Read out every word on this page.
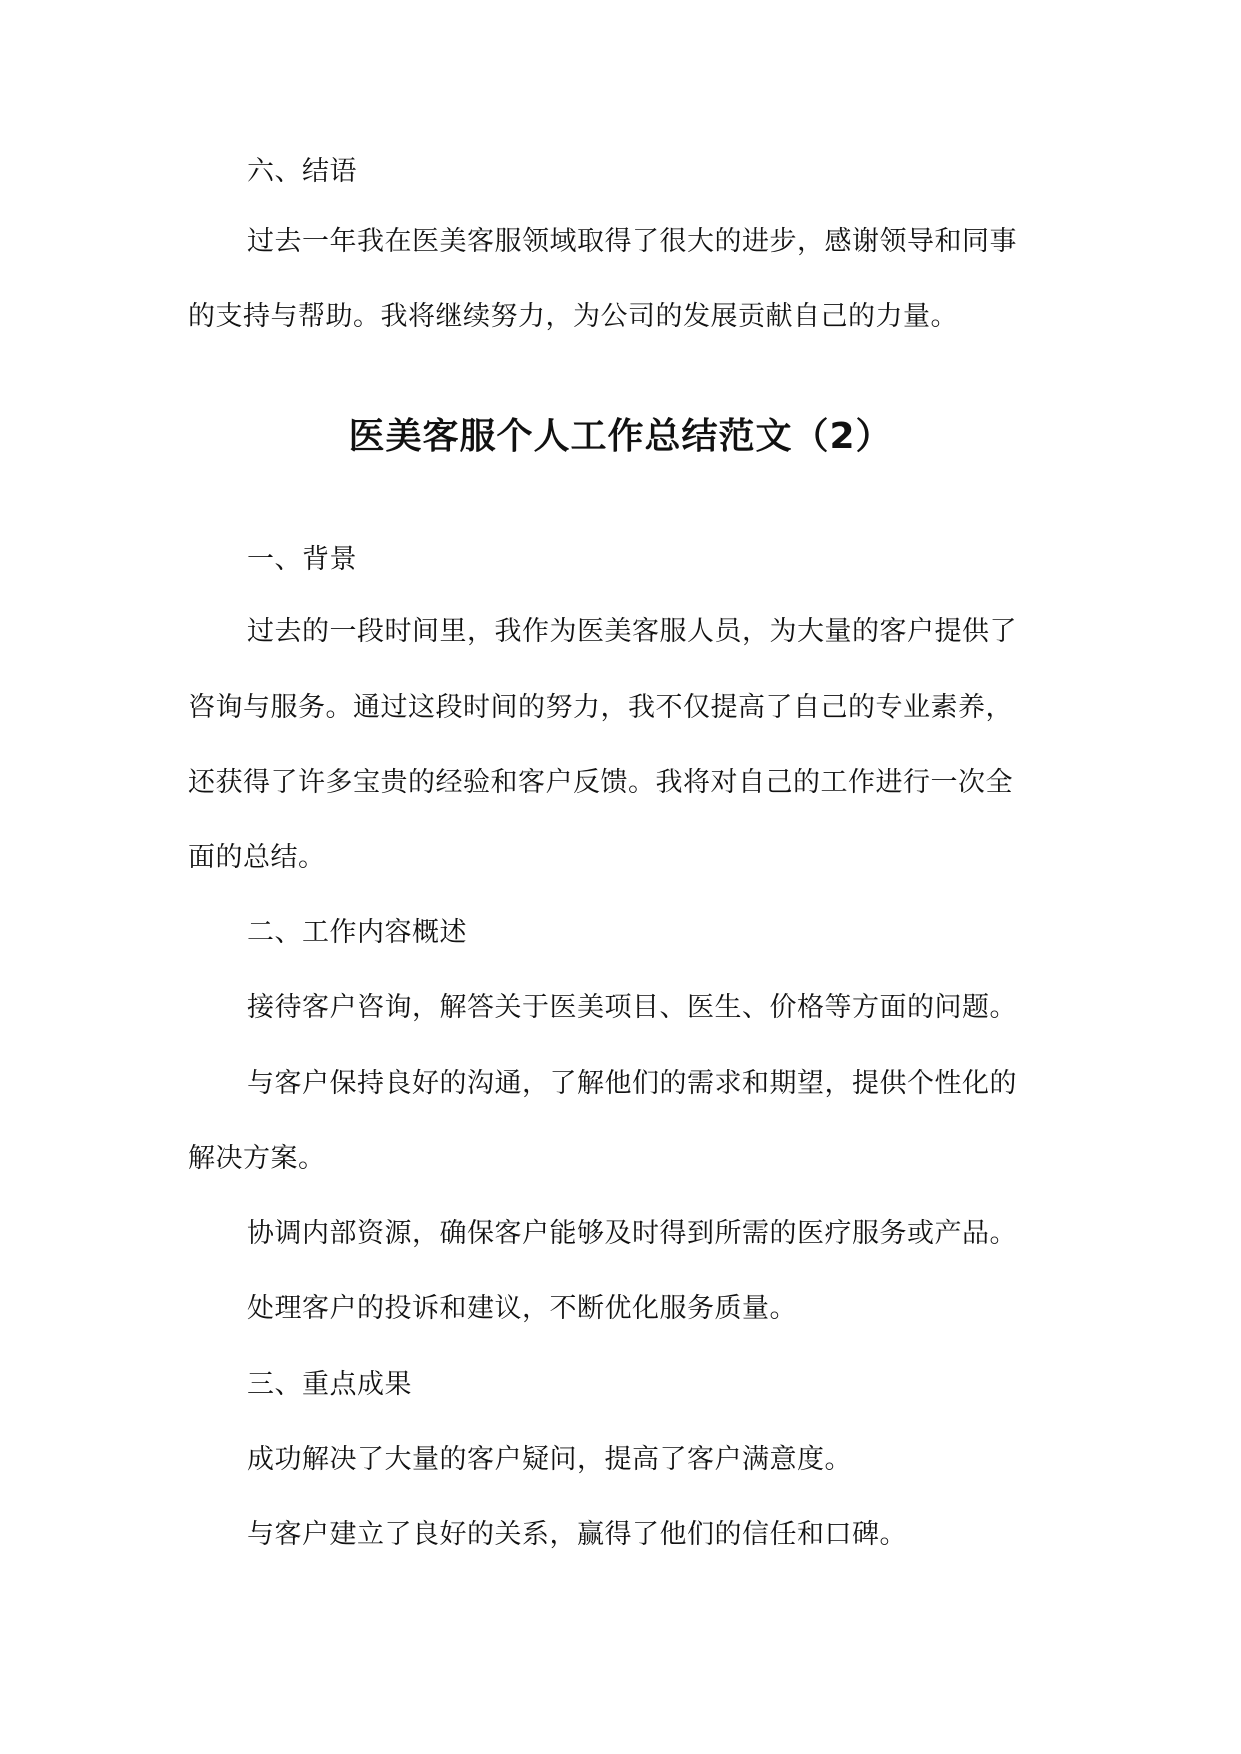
六、结语
过去一年我在医美客服领域取得了很大的进步，感谢领导和同事
的支持与帮助。我将继续努力，为公司的发展贡献自己的力量。
医美客服个人工作总结范文（2）
一、背景
过去的一段时间里，我作为医美客服人员，为大量的客户提供了
咨询与服务。通过这段时间的努力，我不仅提高了自己的专业素养，
还获得了许多宝贵的经验和客户反馈。我将对自己的工作进行一次全
面的总结。
二、工作内容概述
接待客户咨询，解答关于医美项目、医生、价格等方面的问题。
与客户保持良好的沟通，了解他们的需求和期望，提供个性化的
解决方案。
协调内部资源，确保客户能够及时得到所需的医疗服务或产品。
处理客户的投诉和建议，不断优化服务质量。
三、重点成果
成功解决了大量的客户疑问，提高了客户满意度。
与客户建立了良好的关系，赢得了他们的信任和口碑。
